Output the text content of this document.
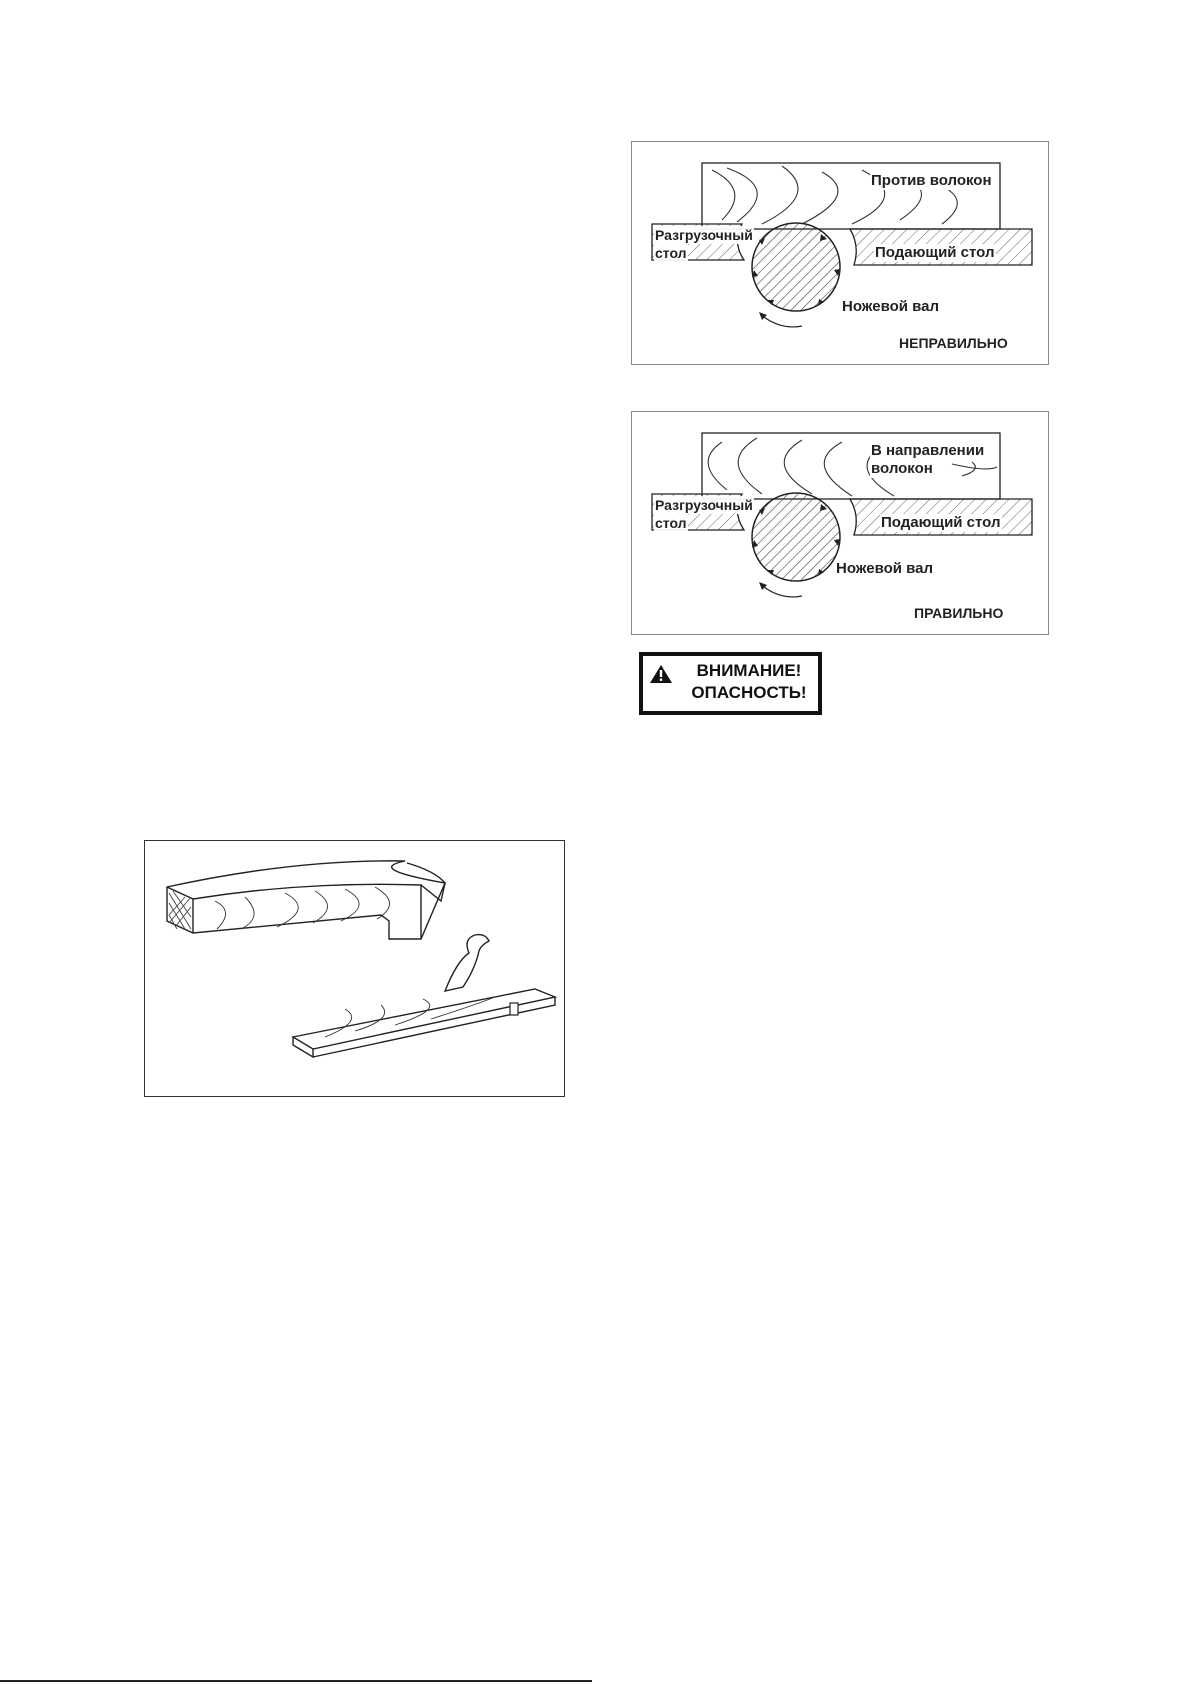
Против волокон
Разгрузочный
стол	Подающий стол
Ножевой вал
НЕПРАВИЛЬНО
В направлении
волокон
Разгрузочный
стол	Подающий стол
Ножевой вал
ПРАВИЛЬНО
ВНИМАНИЕ!
ОПАСНОСТЬ!
